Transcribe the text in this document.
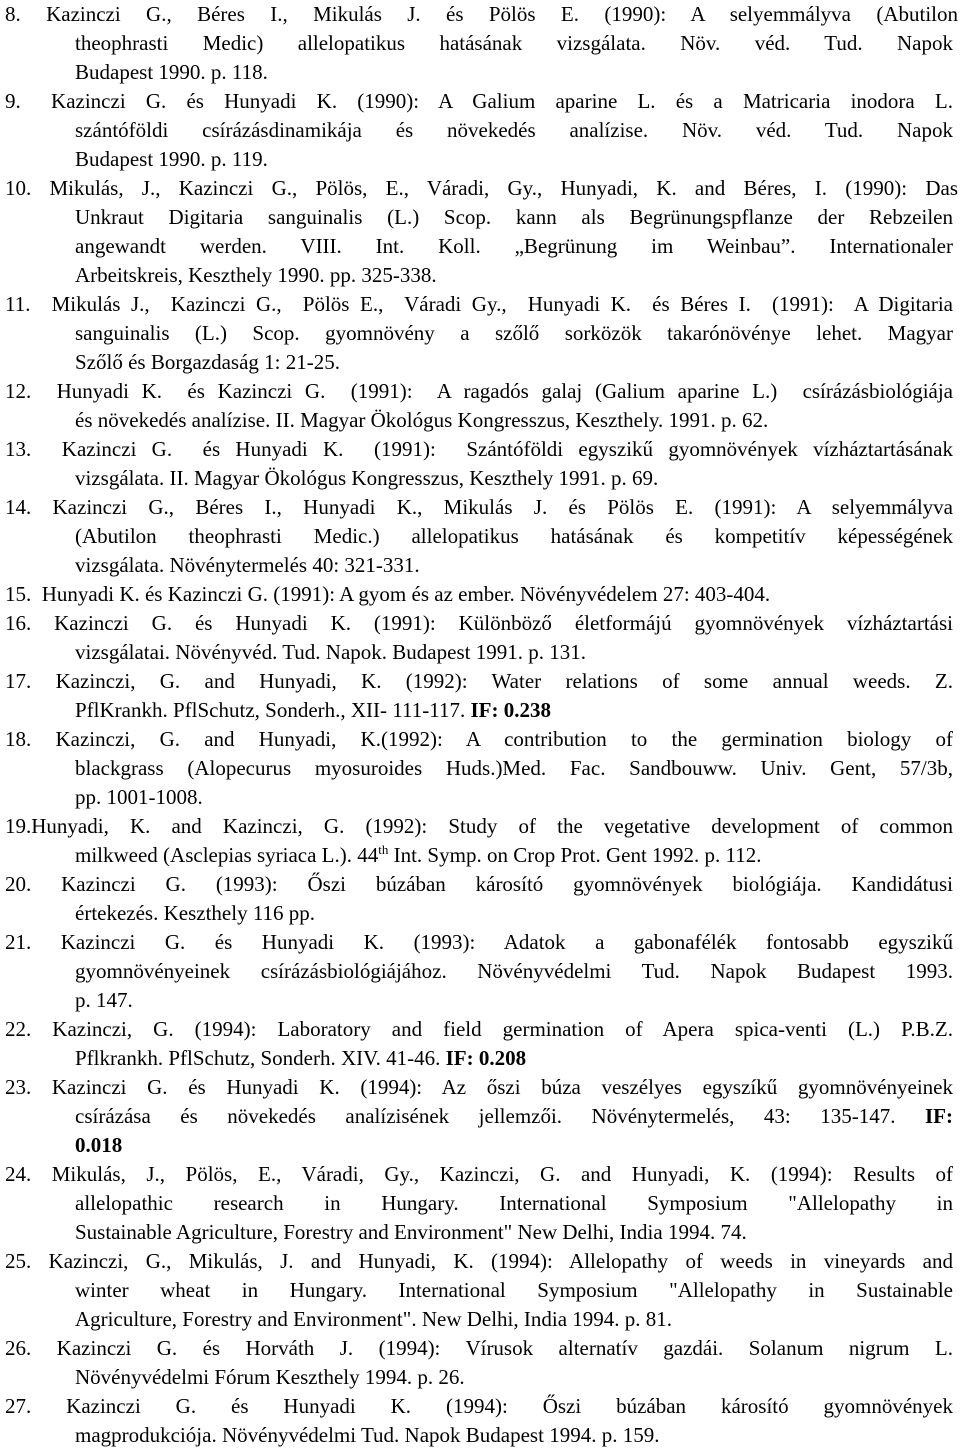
8.  Kazinczi  G.,  Béres  I.,  Mikulás  J.  és  Pölös  E.  (1990):  A  selyemmályva  (Abutilon
theophrasti  Medic)  allelopatikus  hatásának  vizsgálata.  Növ.  véd.  Tud.  Napok
Budapest 1990. p. 118.
9.   Kazinczi  G.  és  Hunyadi  K.  (1990):  A  Galium  aparine  L.  és  a  Matricaria  inodora  L.
szántóföldi  csírázásdinamikája  és  növekedés  analízise.  Növ.  véd.  Tud.  Napok
Budapest 1990. p. 119.
10.  Mikulás,  J.,  Kazinczi  G.,  Pölös,  E.,  Váradi,  Gy.,  Hunyadi,  K.  and  Béres,  I.  (1990):  Das
Unkraut  Digitaria  sanguinalis  (L.)  Scop.  kann  als  Begrünungspflanze  der  Rebzeilen
angewandt  werden.  VIII.  Int.  Koll.  „Begrünung  im  Weinbau”.  Internationaler
Arbeitskreis, Keszthely 1990. pp. 325-338.
11.  Mikulás J.,  Kazinczi G.,  Pölös E.,  Váradi Gy.,  Hunyadi K.  és Béres I.  (1991):  A Digitaria
sanguinalis  (L.)  Scop.  gyomnövény  a  szőlő  sorközök  takarónövénye  lehet.  Magyar
Szőlő és Borgazdaság 1: 21-25.
12.  Hunyadi K.  és Kazinczi G.  (1991):  A ragadós galaj (Galium aparine L.)  csírázásbiológiája
és növekedés analízise. II. Magyar Ökológus Kongresszus, Keszthely. 1991. p. 62.
13.  Kazinczi G.  és Hunyadi K.  (1991):  Szántóföldi egyszikű gyomnövények vízháztartásának
vizsgálata. II. Magyar Ökológus Kongresszus, Keszthely 1991. p. 69.
14.  Kazinczi  G.,  Béres  I.,  Hunyadi  K.,  Mikulás  J.  és  Pölös  E.  (1991):  A  selyemmályva
(Abutilon  theophrasti  Medic.)  allelopatikus  hatásának  és  kompetitív  képességének
vizsgálata. Növénytermelés 40: 321-331.
15.  Hunyadi K. és Kazinczi G. (1991): A gyom és az ember. Növényvédelem 27: 403-404.
16.  Kazinczi  G.  és  Hunyadi  K.  (1991):  Különböző  életformájú  gyomnövények  vízháztartási
vizsgálatai. Növényvéd. Tud. Napok. Budapest 1991. p. 131.
17.  Kazinczi,  G.  and  Hunyadi,  K.  (1992):  Water  relations  of  some  annual  weeds.  Z.
PflKrankh. PflSchutz, Sonderh., XII- 111-117. IF: 0.238
18.  Kazinczi,  G.  and  Hunyadi,  K.(1992):  A  contribution  to  the  germination  biology  of
blackgrass  (Alopecurus  myosuroides  Huds.)Med.  Fac.  Sandbouww.  Univ.  Gent,  57/3b,
pp. 1001-1008.
19.Hunyadi,  K.  and  Kazinczi,  G.  (1992):  Study  of  the  vegetative  development  of  common
milkweed (Asclepias syriaca L.). 44th Int. Symp. on Crop Prot. Gent 1992. p. 112.
20.  Kazinczi  G.  (1993):  Őszi  búzában  károsító  gyomnövények  biológiája.  Kandidátusi
értekezés. Keszthely 116 pp.
21.  Kazinczi  G.  és  Hunyadi  K.  (1993):  Adatok  a  gabonafélék  fontosabb  egyszikű
gyomnövényeinek  csírázásbiológiájához.  Növényvédelmi  Tud.  Napok  Budapest  1993.
p. 147.
22.  Kazinczi,  G.  (1994):  Laboratory  and  field  germination  of  Apera  spica-venti  (L.)  P.B.Z.
Pflkrankh. PflSchutz, Sonderh. XIV. 41-46. IF: 0.208
23.  Kazinczi  G.  és  Hunyadi  K.  (1994):  Az  őszi  búza  veszélyes  egyszíkű  gyomnövényeinek
csírázása  és  növekedés  analízisének  jellemzői.  Növénytermelés,  43:  135-147.  IF:
0.018
24.  Mikulás,  J.,  Pölös,  E.,  Váradi,  Gy.,  Kazinczi,  G.  and  Hunyadi,  K.  (1994):  Results  of
allelopathic  research  in  Hungary.  International  Symposium  "Allelopathy  in
Sustainable Agriculture, Forestry and Environment" New Delhi, India 1994. 74.
25.  Kazinczi,  G.,  Mikulás,  J.  and  Hunyadi,  K.  (1994):  Allelopathy  of  weeds  in  vineyards  and
winter  wheat  in  Hungary.  International  Symposium  "Allelopathy  in  Sustainable
Agriculture, Forestry and Environment". New Delhi, India 1994. p. 81.
26.  Kazinczi  G.  és  Horváth  J.  (1994):  Vírusok  alternatív  gazdái.  Solanum  nigrum  L.
Növényvédelmi Fórum Keszthely 1994. p. 26.
27.  Kazinczi  G.  és  Hunyadi  K.  (1994):  Őszi  búzában  károsító  gyomnövények
magprodukciója. Növényvédelmi Tud. Napok Budapest 1994. p. 159.
